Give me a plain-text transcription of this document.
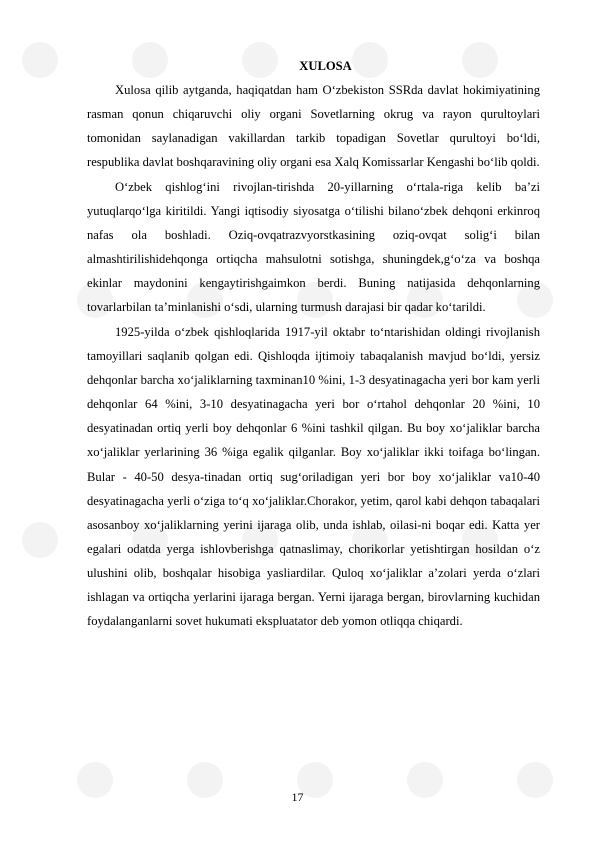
XULOSA

Xulosa qilib aytganda, haqiqatdan ham O‘zbekiston SSRda davlat hokimiyatining rasman qonun chiqaruvchi oliy organi Sovetlarning okrug va rayon qurultoylari tomonidan saylanadigan vakillardan tarkib topadigan Sovetlar qurultoyi bo‘ldi, respublika davlat boshqaravining oliy organi esa Xalq Komissarlar Kengashi bo‘lib qoldi.

O‘zbek qishlog‘ini rivojlan-tirishda 20-yillarning o‘rtala-riga kelib ba’zi yutuqlarqo‘lga kiritildi. Yangi iqtisodiy siyosatga o‘tilishi bilano‘zbek dehqoni erkinroq nafas ola boshladi. Oziq-ovqatrazvyorstkasining oziq-ovqat solig‘i bilan almashtirilishidehqonga ortiqcha mahsulotni sotishga, shuningdek,g‘o‘za va boshqa ekinlar maydonini kengaytirishgaimkon berdi. Buning natijasida dehqonlarning tovarlarbilan ta’minlanishi o‘sdi, ularning turmush darajasi bir qadar ko‘tarildi.

1925-yilda o‘zbek qishloqlarida 1917-yil oktabr to‘ntarishidan oldingi rivojlanish tamoyillari saqlanib qolgan edi. Qishloqda ijtimoiy tabaqalanish mavjud bo‘ldi, yersiz dehqonlar barcha xo‘jaliklarning taxminan10 %ini, 1-3 desyatinagacha yeri bor kam yerli dehqonlar 64 %ini, 3-10 desyatinagacha yeri bor o‘rtahol dehqonlar 20 %ini, 10 desyatinadan ortiq yerli boy dehqonlar 6 %ini tashkil qilgan. Bu boy xo‘jaliklar barcha xo‘jaliklar yerlarining 36 %iga egalik qilganlar. Boy xo‘jaliklar ikki toifaga bo‘lingan. Bular - 40-50 desya-tinadan ortiq sug‘oriladigan yeri bor boy xo‘jaliklar va10-40 desyatinagacha yerli o‘ziga to‘q xo‘jaliklar.Chorakor, yetim, qarol kabi dehqon tabaqalari asosanboy xo‘jaliklarning yerini ijaraga olib, unda ishlab, oilasi-ni boqar edi. Katta yer egalari odatda yerga ishlovberishga qatnaslimay, chorikorlar yetishtirgan hosildan o‘z ulushini olib, boshqalar hisobiga yasliardilar. Quloq xo‘jaliklar a’zolari yerda o‘zlari ishlagan va ortiqcha yerlarini ijaraga bergan. Yerni ijaraga bergan, birovlarning kuchidan foydalanganlarni sovet hukumati ekspluatator deb yomon otliqqa chiqardi.

17
